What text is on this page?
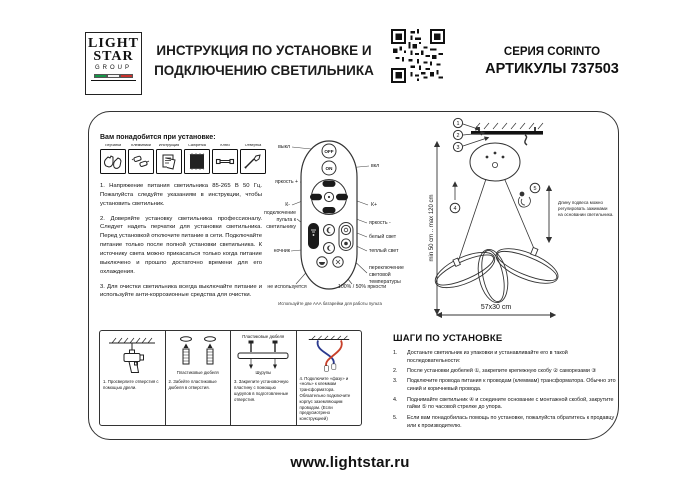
LIGHT
STAR
GROUP
ИНСТРУКЦИЯ ПО УСТАНОВКЕ И
ПОДКЛЮЧЕНИЮ СВЕТИЛЬНИКА
СЕРИЯ CORINTO
АРТИКУЛЫ 737503
Вам понадобится при установке:
Перчатки	Клеммники	Инструкция	Салфетка	Ключ	Отвертка

1. Напряжение питания светильника 85-265 В 50 Гц. Пожалуйста следуйте указаниям в инструкции, чтобы установить светильник.

2. Доверяйте установку светильника профессионалу. Следует надеть перчатки для установки светильника. Перед установкой отключите питание в сети. Подключайте питание только после полной установки светильника. К источнику света можно прикасаться только когда питание выключено и прошло достаточно времени для его охлаждения.

3. Для очистки светильника всегда выключайте питание и используйте анти-коррозионные средства для очистки.

OFF
ON
выкл
вкл
яркость +
К-	К+
яркость -
белый свет
теплый свет
подключение пульта к светильнику
ночник
переключение световой температуры
не используется	100% / 50% яркости
Используйте две ААА батарейки для работы пульта
min 50 cm .. max 120 cm
1
2
3
4
5
57x30 cm
Длину подвеса можно
регулировать зажимами
на основании светильника.
1. Просверлите отверстия с помощью дрели.
Пластиковые дюбеля
2. Забейте пластиковые дюбеля в отверстия.
Пластиковые дюбеля
Шурупы
3. Закрепите установочную пластину с помощью шурупов в подготовленные отверстия.
4. Подключите «фазу» и «ноль» к клеммам трансформатора. Обязательно подключите корпус заземляющим проводом. (Если предусмотрено конструкцией)
ШАГИ ПО УСТАНОВКЕ
1.	Достаньте светильник из упаковки и устанавливайте его в такой последовательности:
2.	После установки дюбелей ①, закрепите крепежную скобу ② саморезами ③
3.	Подключите провода питания к проводам (клеммам) трансформатора. Обычно это синий и коричневый провода.
4.	Поднимайте светильник ④ и соедините основание с монтажной скобой, закрутите гайки ⑤ по часовой стрелке до упора.
5.	Если вам понадобилась помощь по установке, пожалуйста обратитесь к продавцу или к производителю.
www.lightstar.ru
